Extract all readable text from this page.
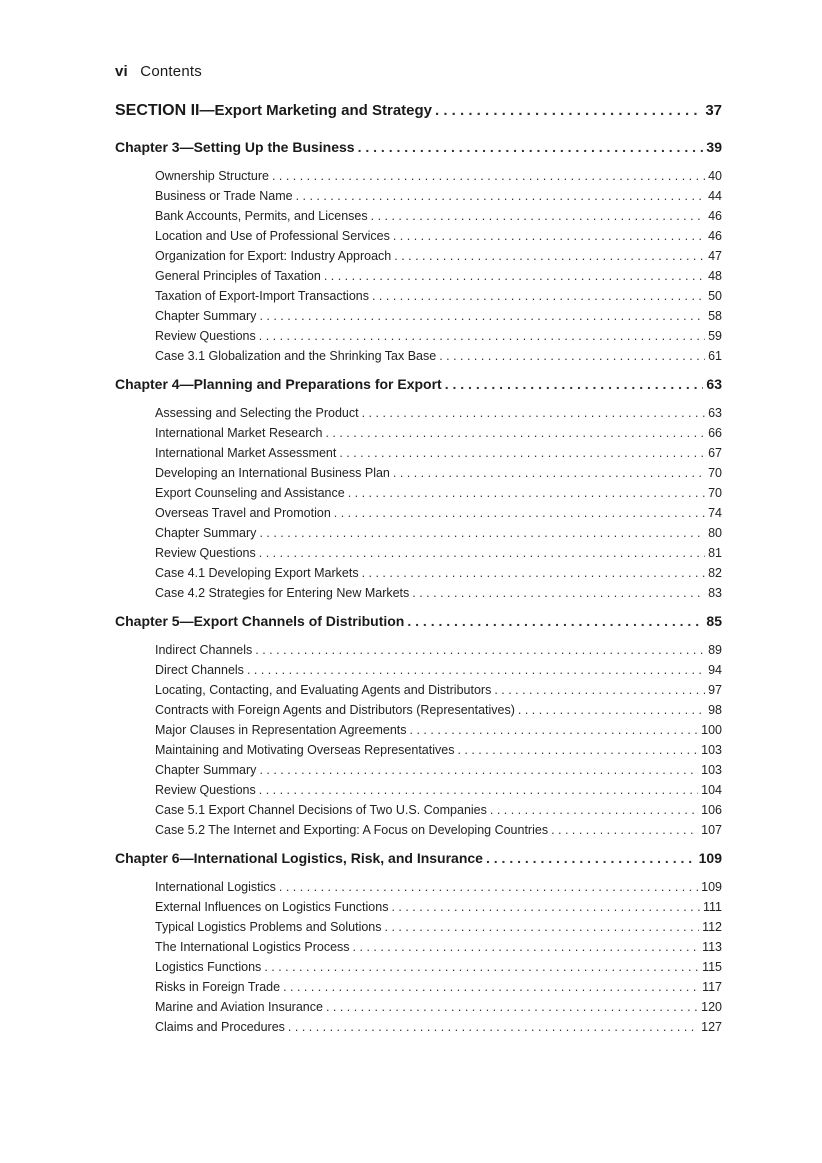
vi Contents
SECTION II—Export Marketing and Strategy . . .	37
Chapter 3—Setting Up the Business . . .	39
Ownership Structure . . .	40
Business or Trade Name . . .	44
Bank Accounts, Permits, and Licenses . . .	46
Location and Use of Professional Services . . .	46
Organization for Export: Industry Approach . . .	47
General Principles of Taxation . . .	48
Taxation of Export-Import Transactions . . .	50
Chapter Summary . . .	58
Review Questions . . .	59
Case 3.1 Globalization and the Shrinking Tax Base . . .	61
Chapter 4—Planning and Preparations for Export . . .	63
Assessing and Selecting the Product . . .	63
International Market Research . . .	66
International Market Assessment . . .	67
Developing an International Business Plan . . .	70
Export Counseling and Assistance . . .	70
Overseas Travel and Promotion . . .	74
Chapter Summary . . .	80
Review Questions . . .	81
Case 4.1 Developing Export Markets . . .	82
Case 4.2 Strategies for Entering New Markets . . .	83
Chapter 5—Export Channels of Distribution . . .	85
Indirect Channels . . .	89
Direct Channels . . .	94
Locating, Contacting, and Evaluating Agents and Distributors . . .	97
Contracts with Foreign Agents and Distributors (Representatives) . . .	98
Major Clauses in Representation Agreements . . .	100
Maintaining and Motivating Overseas Representatives . . .	103
Chapter Summary . . .	103
Review Questions . . .	104
Case 5.1 Export Channel Decisions of Two U.S. Companies . . .	106
Case 5.2 The Internet and Exporting: A Focus on Developing Countries . . .	107
Chapter 6—International Logistics, Risk, and Insurance . . .	109
International Logistics . . .	109
External Influences on Logistics Functions . . .	111
Typical Logistics Problems and Solutions . . .	112
The International Logistics Process . . .	113
Logistics Functions . . .	115
Risks in Foreign Trade . . .	117
Marine and Aviation Insurance . . .	120
Claims and Procedures . . .	127
